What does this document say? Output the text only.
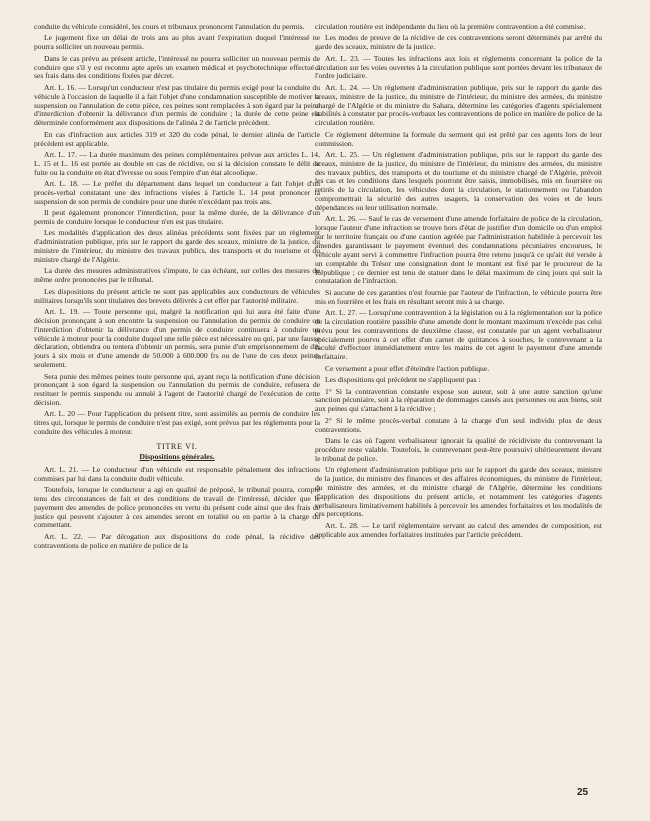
conduite du véhicule considéré, les cours et tribunaux prononcent l'annulation du permis.

Le jugement fixe un délai de trois ans au plus avant l'expiration duquel l'intéressé ne pourra solliciter un nouveau permis.

Dans le cas prévu au présent article, l'intéressé ne pourra solliciter un nouveau permis de conduire que s'il y est reconnu apte après un examen médical et psychotechnique effectué à ses frais dans des conditions fixées par décret.

Art. L. 16. — Lorsqu'un conducteur n'est pas titulaire du permis exigé pour la conduite du véhicule à l'occasion de laquelle il a fait l'objet d'une condamnation susceptible de motiver la suspension ou l'annulation de cette pièce, ces peines sont remplacées à son égard par la peine d'interdiction d'obtenir la délivrance d'un permis de conduire ; la durée de cette peine est déterminée conformément aux dispositions de l'alinéa 2 de l'article précédent.

En cas d'infraction aux articles 319 et 320 du code pénal, le dernier alinéa de l'article précédent est applicable.

Art. L. 17. — La durée maximum des peines complémentaires prévue aux articles L. 14, L. 15 et L. 16 est portée au double en cas de récidive, ou si la décision constate le délit de fuite ou la conduite en état d'ivresse ou sous l'empire d'un état alcoolique.

Art. L. 18. — Le préfet du département dans lequel un conducteur a fait l'objet d'un procès-verbal constatant une des infractions visées à l'article L. 14 peut prononcer la suspension de son permis de conduire pour une durée n'excédant pas trois ans.

Il peut également prononcer l'interdiction, pour la même durée, de la délivrance d'un permis de conduire lorsque le conducteur n'en est pas titulaire.

Les modalités d'application des deux alinéas précédents sont fixées par un règlement d'administration publique, pris sur le rapport du garde des sceaux, ministre de la justice, du ministre de l'intérieur, du ministre des travaux publics, des transports et du tourisme et du ministre chargé de l'Algérie.

La durée des mesures administratives s'impute, le cas échéant, sur celles des mesures du même ordre prononcées par le tribunal.

Les dispositions du présent article ne sont pas applicables aux conducteurs de véhicules militaires lorsqu'ils sont titulaires des brevets délivrés à cet effet par l'autorité militaire.

Art. L. 19. — Toute personne qui, malgré la notification qui lui aura été faite d'une décision prononçant à son encontre la suspension ou l'annulation du permis de conduire ou l'interdiction d'obtenir la délivrance d'un permis de conduire continuera à conduire un véhicule à moteur pour la conduite duquel une telle pièce est nécessaire ou qui, par une fausse déclaration, obtiendra ou tentera d'obtenir un permis, sera punie d'un emprisonnement de dix jours à six mois et d'une amende de 50.000 à 600.000 frs ou de l'une de ces deux peines seulement.

Sera punie des mêmes peines toute personne qui, ayant reçu la notification d'une décision prononçant à son égard la suspension ou l'annulation du permis de conduire, refusera de restituer le permis suspendu ou annulé à l'agent de l'autorité chargé de l'exécution de cette décision.

Art. L. 20 — Pour l'application du présent titre, sont assimilés au permis de conduire les titres qui, lorsque le permis de conduire n'est pas exigé, sont prévus par les règlements pour la conduite des véhicules à moteur.

TITRE VI.
Dispositions générales.

Art. L. 21. — Le conducteur d'un véhicule est responsable pénalement des infractions commises par lui dans la conduite dudit véhicule.

Toutefois, lorsque le conducteur a agi en qualité de préposé, le tribunal pourra, compte tenu des circonstances de fait et des conditions de travail de l'intéressé, décider que le payement des amendes de police prononcées en vertu du présent code ainsi que des frais de justice qui peuvent s'ajouter à ces amendes seront en totalité ou en partie à la charge du commettant.

Art. L. 22. — Par dérogation aux dispositions du code pénal, la récidive des contraventions de police en matière de police de la

circulation routière est indépendante du lieu où la première contravention a été commise.

Les modes de preuve de la récidive de ces contraventions seront déterminés par arrêté du garde des sceaux, ministre de la justice.

Art. L. 23. — Toutes les infractions aux lois et règlements concernant la police de la circulation sur les voies ouvertes à la circulation publique sont portées devant les tribunaux de l'ordre judiciaire.

Art. L. 24. — Un règlement d'administration publique, pris sur le rapport du garde des sceaux, ministre de la justice, du ministre de l'intérieur, du ministre des armées, du ministre chargé de l'Algérie et du ministre du Sahara, détermine les catégories d'agents spécialement habilités à constater par procès-verbaux les contraventions de police en matière de police de la circulation routière.

Ce règlement détermine la formule du serment qui est prêté par ces agents lors de leur commission.

Art. L. 25. — Un règlement d'administration publique, pris sur le rapport du garde des sceaux, ministre de la justice, du ministre de l'intérieur, du ministre des armées, du ministre des travaux publics, des transports et du tourisme et du ministre chargé de l'Algérie, prévoit les cas et les conditions dans lesquels pourront être saisis, immobilisés, mis en fourrière ou retirés de la circulation, les véhicules dont la circulation, le stationnement ou l'abandon compromettrait la sécurité des autres usagers, la conservation des voies et de leurs dépendances ou leur utilisation normale.

Art. L. 26. — Sauf le cas de versement d'une amende forfaitaire de police de la circulation, lorsque l'auteur d'une infraction se trouve hors d'état de justifier d'un domicile ou d'un emploi sur le territoire français ou d'une caution agréée par l'administration habilitée à percevoir les amendes garantissant le payement éventuel des condamnations pécuniaires encourues, le véhicule ayant servi à commettre l'infraction pourra être retenu jusqu'à ce qu'ait été versée à un comptable du Trésor une consignation dont le montant est fixé par le procureur de la République ; ce dernier est tenu de statuer dans le délai maximum de cinq jours qui suit la constatation de l'infraction.

Si aucune de ces garanties n'est fournie par l'auteur de l'infraction, le véhicule pourra être mis en fourrière et les frais en résultant seront mis à sa charge.

Art. L. 27. — Lorsqu'une contravention à la législation ou à la réglementation sur la police de la circulation routière passible d'une amende dont le montant maximum n'excède pas celui prévu pour les contraventions de deuxième classe, est constatée par un agent verbalisateur spécialement pourvu à cet effet d'un carnet de quittances à souches, le contrevenant a la faculté d'effectuer immédiatement entre les mains de cet agent le payement d'une amende forfaitaire.

Ce versement a pour effet d'éteindre l'action publique.

Les dispositions qui précèdent ne s'appliquent pas :

1° Si la contravention constatée expose son auteur, soit à une autre sanction qu'une sanction pécuniaire, soit à la réparation de dommages causés aux personnes ou aux biens, soit aux peines qui s'attachent à la récidive ;

2° Si le même procès-verbal constate à la charge d'un seul individu plus de deux contraventions.

Dans le cas où l'agent verbalisateur ignorait la qualité de récidiviste du contrevenant la procédure reste valable. Toutefois, le contrevenant peut-être poursuivi ultérieurement devant le tribunal de police.

Un règlement d'administration publique pris sur le rapport du garde des sceaux, ministre de la justice, du ministre des finances et des affaires économiques, du ministre de l'intérieur, du ministre des armées, et du ministre chargé de l'Algérie, détermine les conditions d'application des dispositions du présent article, et notamment les catégories d'agents verbalisateurs limitativement habilités à percevoir les amendes forfaitaires et les modalités de ces perceptions.

Art. L. 28. — Le tarif réglementaire servant au calcul des amendes de composition, est applicable aux amendes forfaitaires instituées par l'article précédent.

25
